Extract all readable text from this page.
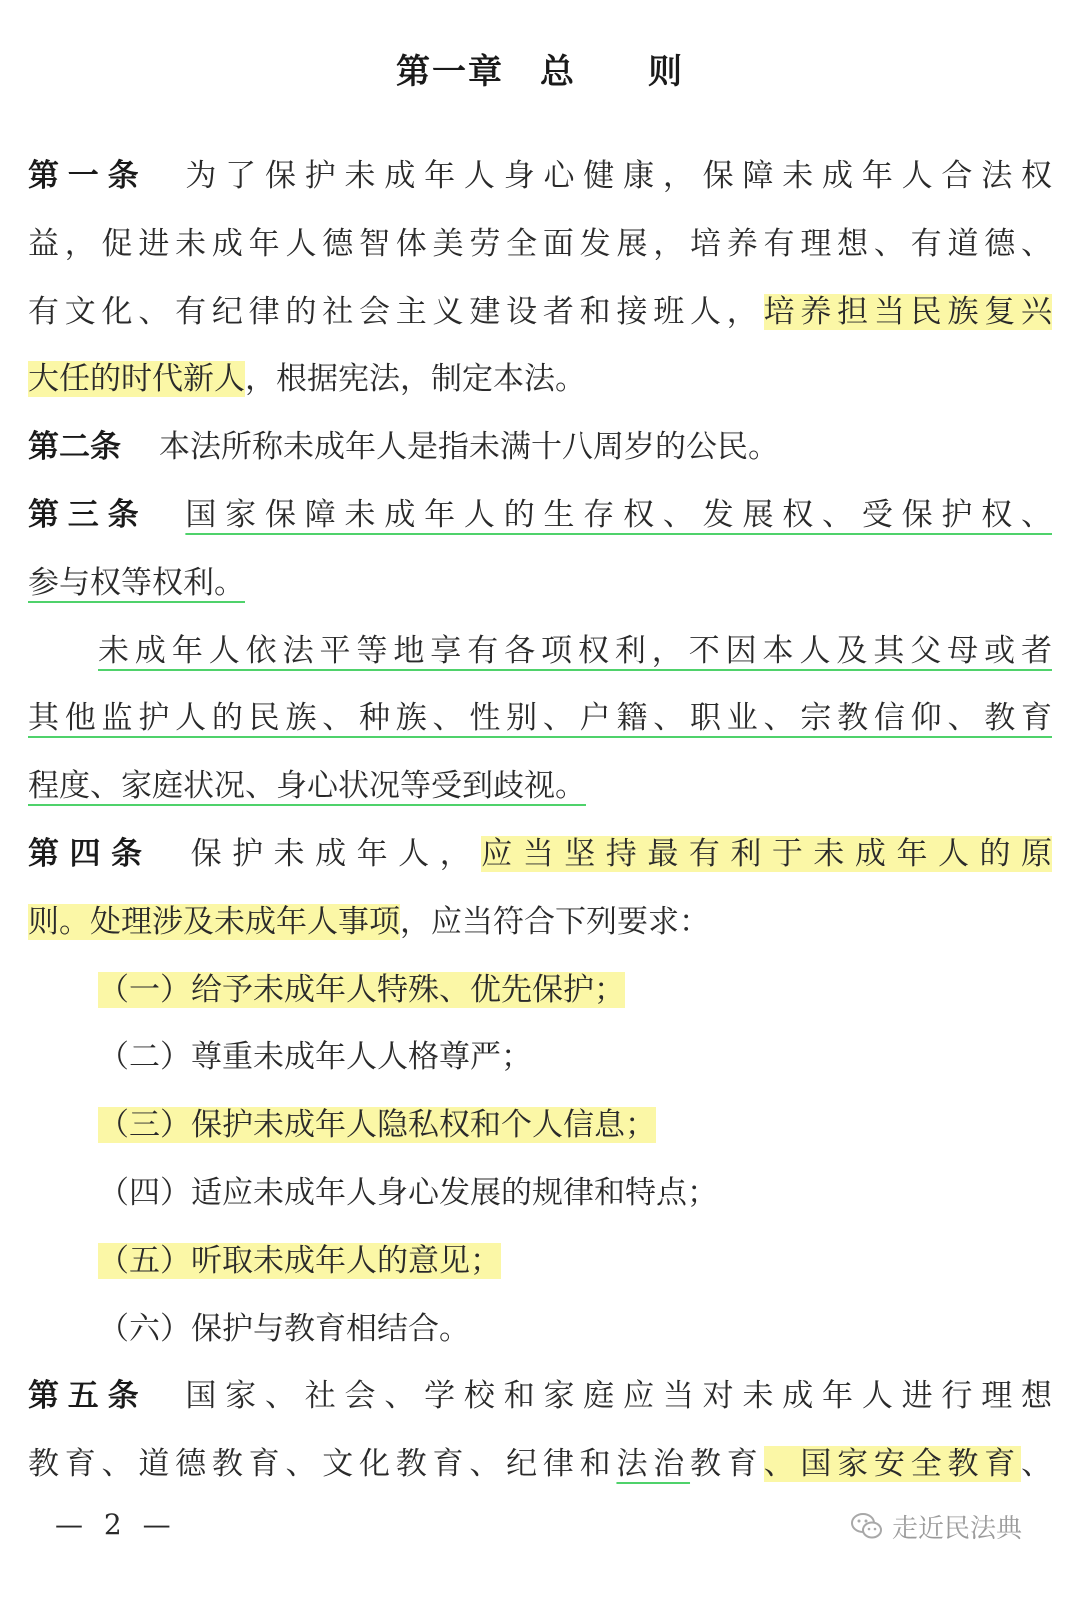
第一章　总　　则
第一条 为了保护未成年人身心健康，保障未成年人合法权
益，促进未成年人德智体美劳全面发展，培养有理想、有道德、
有文化、有纪律的社会主义建设者和接班人，培养担当民族复兴
大任的时代新人，根据宪法，制定本法。
第二条 本法所称未成年人是指未满十八周岁的公民。
第三条 国家保障未成年人的生存权、发展权、受保护权、
参与权等权利。
未成年人依法平等地享有各项权利，不因本人及其父母或者
其他监护人的民族、种族、性别、户籍、职业、宗教信仰、教育
程度、家庭状况、身心状况等受到歧视。
第四条 保护未成年人，应当坚持最有利于未成年人的原
则。处理涉及未成年人事项，应当符合下列要求：
（一）给予未成年人特殊、优先保护；
（二）尊重未成年人人格尊严；
（三）保护未成年人隐私权和个人信息；
（四）适应未成年人身心发展的规律和特点；
（五）听取未成年人的意见；
（六）保护与教育相结合。
第五条 国家、社会、学校和家庭应当对未成年人进行理想
教育、道德教育、文化教育、纪律和法治教育、国家安全教育、
— 2 —	走近民法典
